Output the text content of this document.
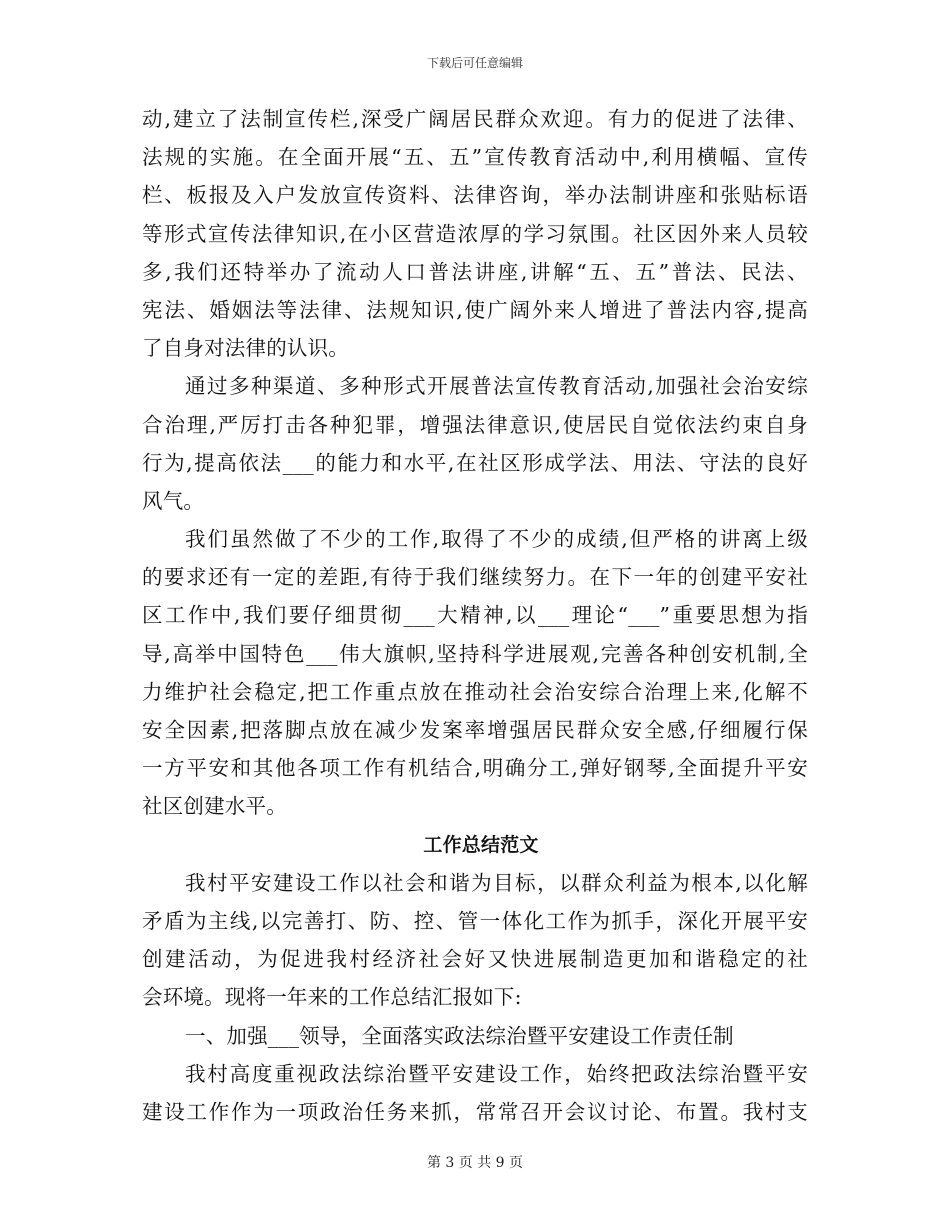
下载后可任意编辑
动,建立了法制宣传栏,深受广阔居民群众欢迎。有力的促进了法律、
法规的实施。在全面开展“五、五”宣传教育活动中,利用横幅、宣传
栏、板报及入户发放宣传资料、法律咨询，举办法制讲座和张贴标语
等形式宣传法律知识,在小区营造浓厚的学习氛围。社区因外来人员较
多,我们还特举办了流动人口普法讲座,讲解“五、五”普法、民法、
宪法、婚姻法等法律、法规知识,使广阔外来人增进了普法内容,提高
了自身对法律的认识。
通过多种渠道、多种形式开展普法宣传教育活动,加强社会治安综
合治理,严厉打击各种犯罪，增强法律意识,使居民自觉依法约束自身
行为,提高依法___的能力和水平,在社区形成学法、用法、守法的良好
风气。
我们虽然做了不少的工作,取得了不少的成绩,但严格的讲离上级
的要求还有一定的差距,有待于我们继续努力。在下一年的创建平安社
区工作中,我们要仔细贯彻___大精神,以___理论“___”重要思想为指
导,高举中国特色___伟大旗帜,坚持科学进展观,完善各种创安机制,全
力维护社会稳定,把工作重点放在推动社会治安综合治理上来,化解不
安全因素,把落脚点放在减少发案率增强居民群众安全感,仔细履行保
一方平安和其他各项工作有机结合,明确分工,弹好钢琴,全面提升平安
社区创建水平。
工作总结范文
我村平安建设工作以社会和谐为目标，以群众利益为根本,以化解
矛盾为主线,以完善打、防、控、管一体化工作为抓手，深化开展平安
创建活动，为促进我村经济社会好又快进展制造更加和谐稳定的社
会环境。现将一年来的工作总结汇报如下:
一、加强___领导，全面落实政法综治暨平安建设工作责任制
我村高度重视政法综治暨平安建设工作，始终把政法综治暨平安
建设工作作为一项政治任务来抓，常常召开会议讨论、布置。我村支
第 3 页 共 9 页
